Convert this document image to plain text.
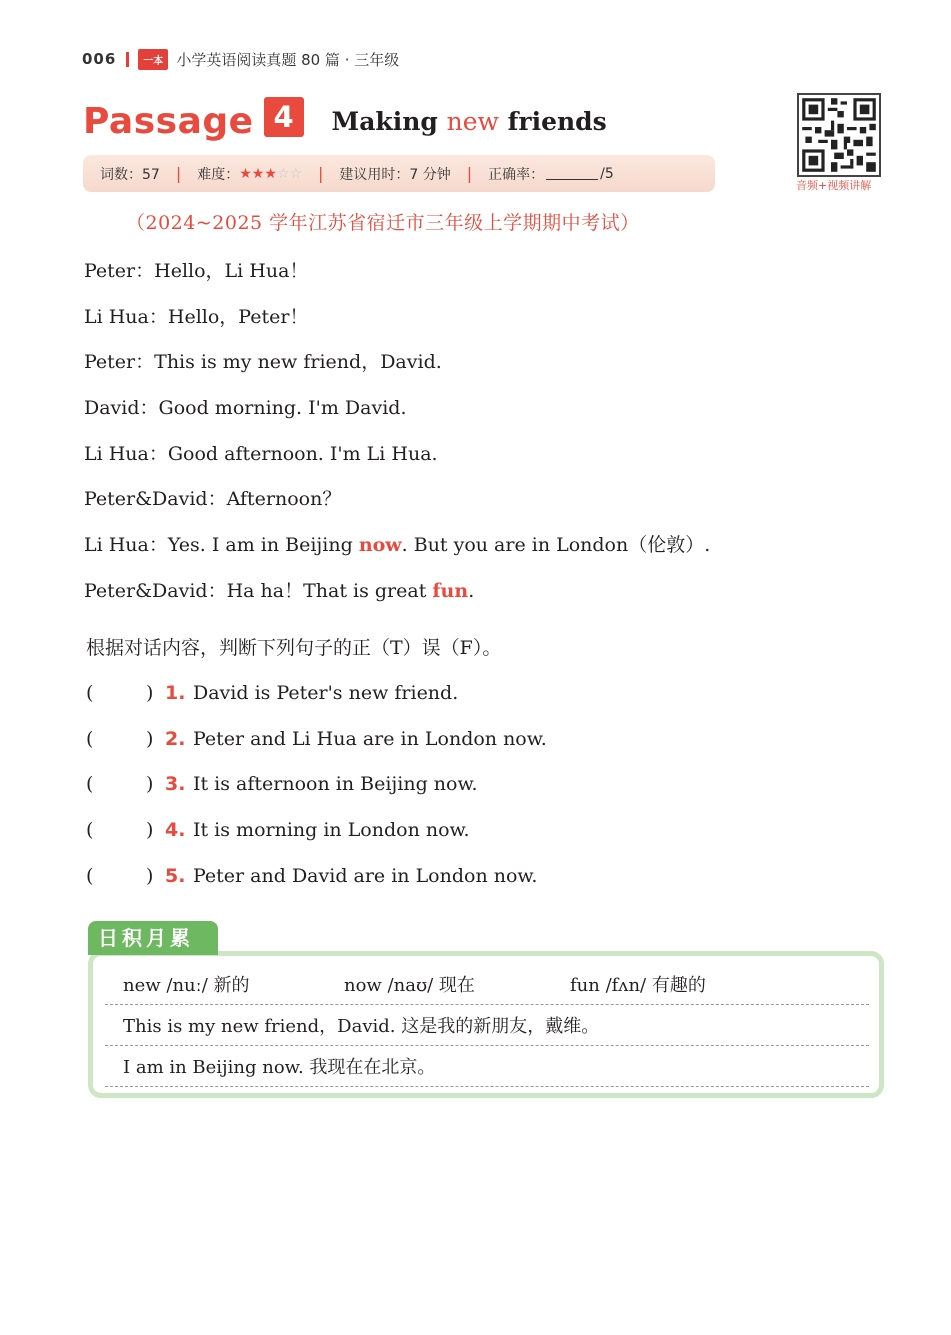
006	一本 小学英语阅读真题 80 篇 · 三年级
Passage 4	Making new friends
音频+视频讲解
词数：57 | 难度： ★★★☆☆ | 建议用时：7 分钟 | 正确率：	/5
（2024~2025 学年江苏省宿迁市三年级上学期期中考试）
Peter：Hello，Li Hua！
Li Hua：Hello，Peter！
Peter：This is my new friend，David.
David：Good morning. I'm David.
Li Hua：Good afternoon. I'm Li Hua.
Peter&David：Afternoon？
Li Hua：Yes. I am in Beijing now. But you are in London（伦敦）.
Peter&David：Ha ha！That is great fun.
根据对话内容，判断下列句子的正（T）误（F）。
(	) 1. David is Peter's new friend.
(	) 2. Peter and Li Hua are in London now.
(	) 3. It is afternoon in Beijing now.
(	) 4. It is morning in London now.
(	) 5. Peter and David are in London now.
new /nuː/ 新的	now /naʊ/ 现在	fun /fʌn/ 有趣的
This is my new friend，David. 这是我的新朋友，戴维。
I am in Beijing now. 我现在在北京。
日积月累
